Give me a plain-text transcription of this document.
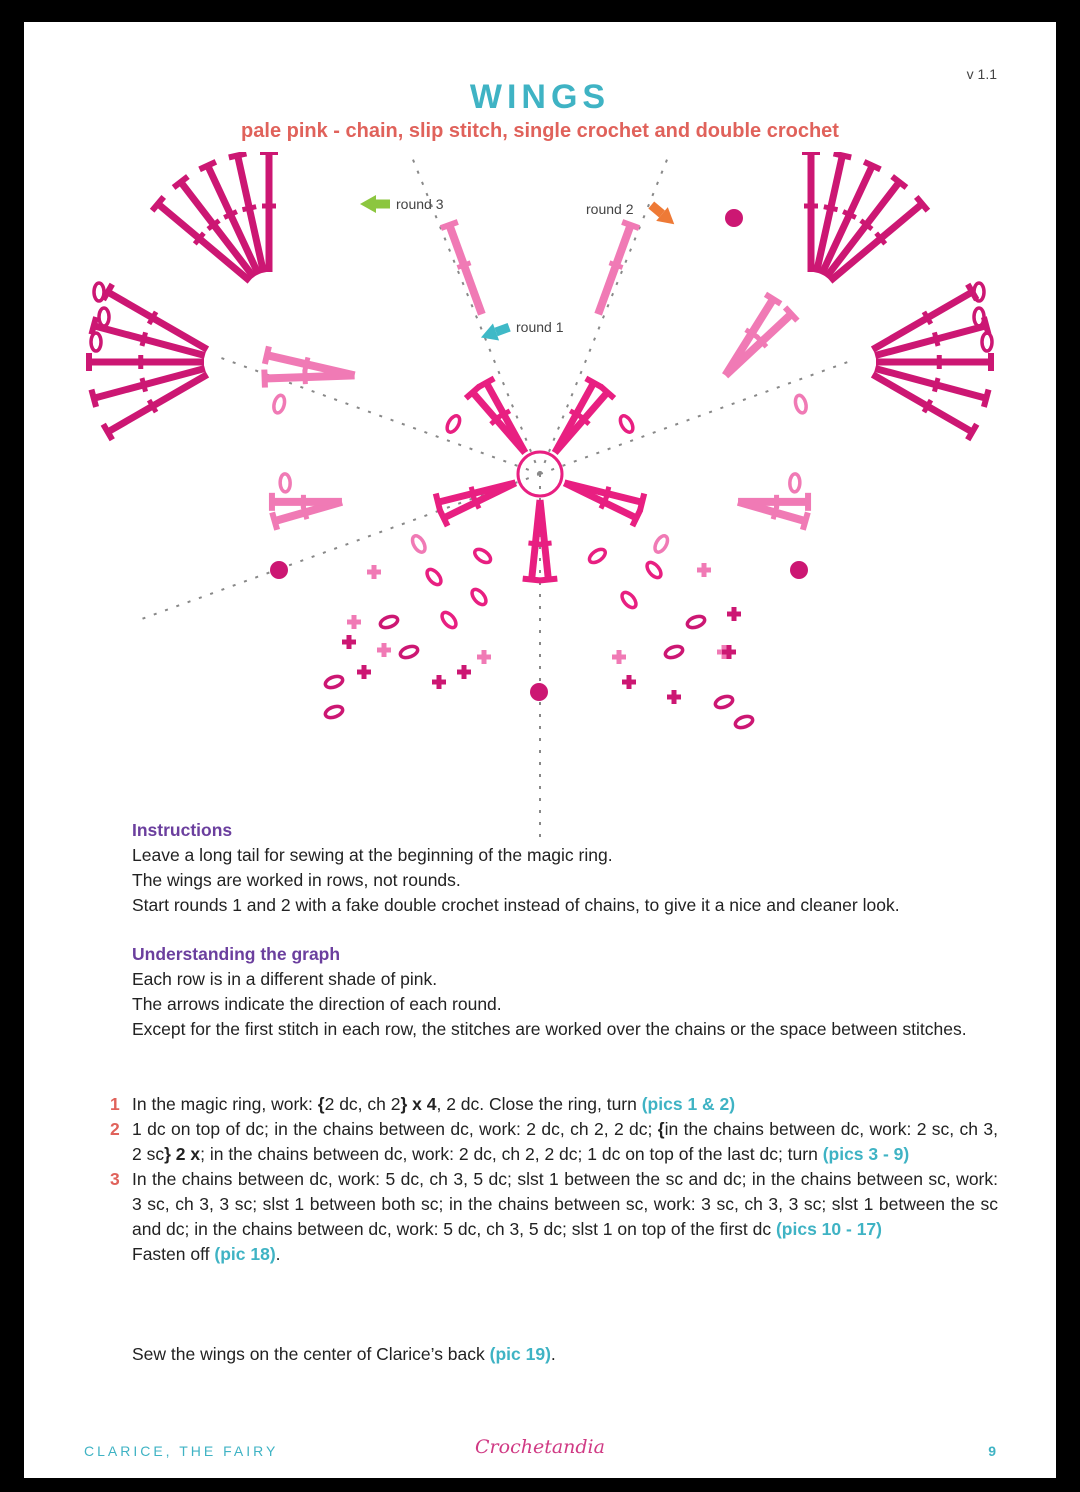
v 1.1
WINGS
pale pink - chain, slip stitch, single crochet and double crochet
round 3	round 2
round 1
Instructions
Leave a long tail for sewing at the beginning of the magic ring.
The wings are worked in rows, not rounds.
Start rounds 1 and 2 with a fake double crochet instead of chains, to give it a nice and cleaner look.
Understanding the graph
Each row is in a different shade of pink.
The arrows indicate the direction of each round.
Except for the first stitch in each row, the stitches are worked over the chains or the space between stitches.
1 In the magic ring, work: {2 dc, ch 2} x 4, 2 dc. Close the ring, turn (pics 1 & 2)
2 1 dc on top of dc; in the chains between dc, work: 2 dc, ch 2, 2 dc; {in the chains between dc, work: 2 sc, ch 3, 2 sc} 2 x; in the chains between dc, work: 2 dc, ch 2, 2 dc; 1 dc on top of the last dc; turn (pics 3 - 9)
3 In the chains between dc, work: 5 dc, ch 3, 5 dc; slst 1 between the sc and dc; in the chains between sc, work: 3 sc, ch 3, 3 sc; slst 1 between both sc; in the chains between sc, work: 3 sc, ch 3, 3 sc; slst 1 between the sc and dc; in the chains between dc, work: 5 dc, ch 3, 5 dc; slst 1 on top of the first dc (pics 10 - 17)
Fasten off (pic 18).
Sew the wings on the center of Clarice’s back (pic 19).
CLARICE, THE FAIRY	Crochetandia	9
